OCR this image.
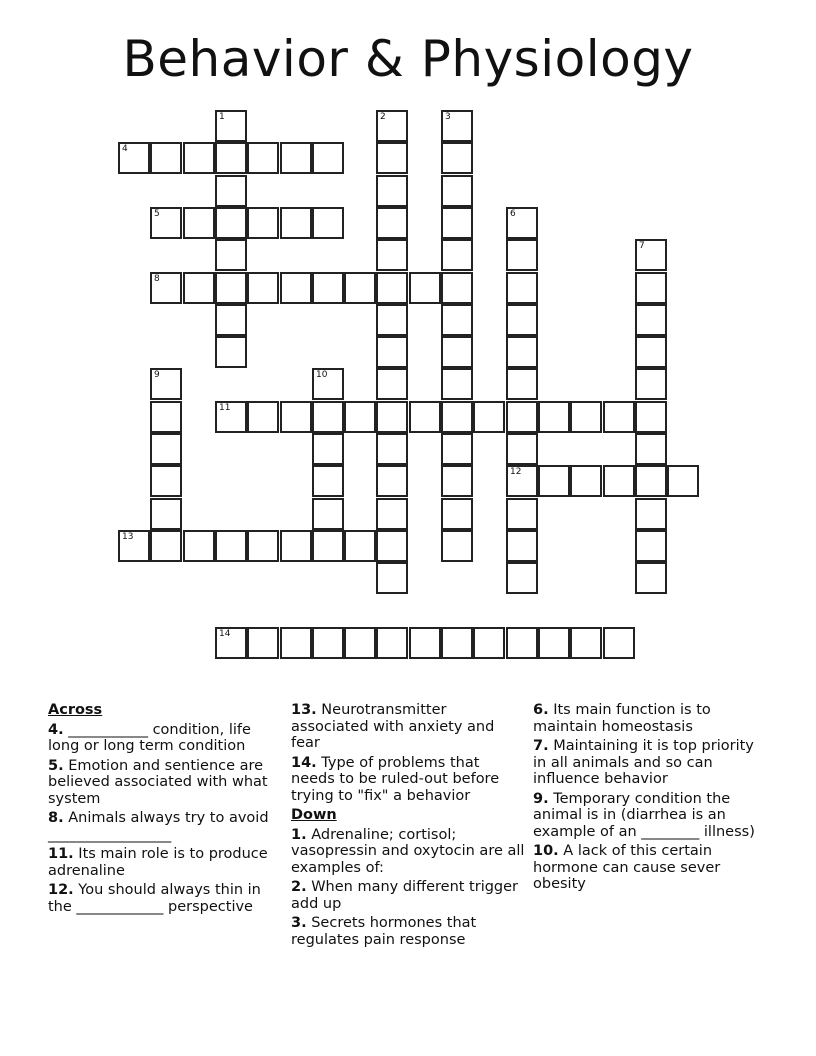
Behavior & Physiology
1	2	3
4
5	6
12
7
8
9	10
11
13
14
Across
4. ___________ condition, life long or long term condition
5. Emotion and sentience are believed associated with what system
8. Animals always try to avoid _________________
11. Its main role is to produce adrenaline
12. You should always thin in the ____________ perspective
13. Neurotransmitter associated with anxiety and fear
14. Type of problems that needs to be ruled-out before trying to "fix" a behavior
Down
1. Adrenaline; cortisol; vasopressin and oxytocin are all examples of:
2. When many different trigger add up
3. Secrets hormones that regulates pain response
6. Its main function is to maintain homeostasis
7. Maintaining it is top priority in all animals and so can influence behavior
9. Temporary condition the animal is in (diarrhea is an example of an ________ illness)
10. A lack of this certain hormone can cause sever obesity
